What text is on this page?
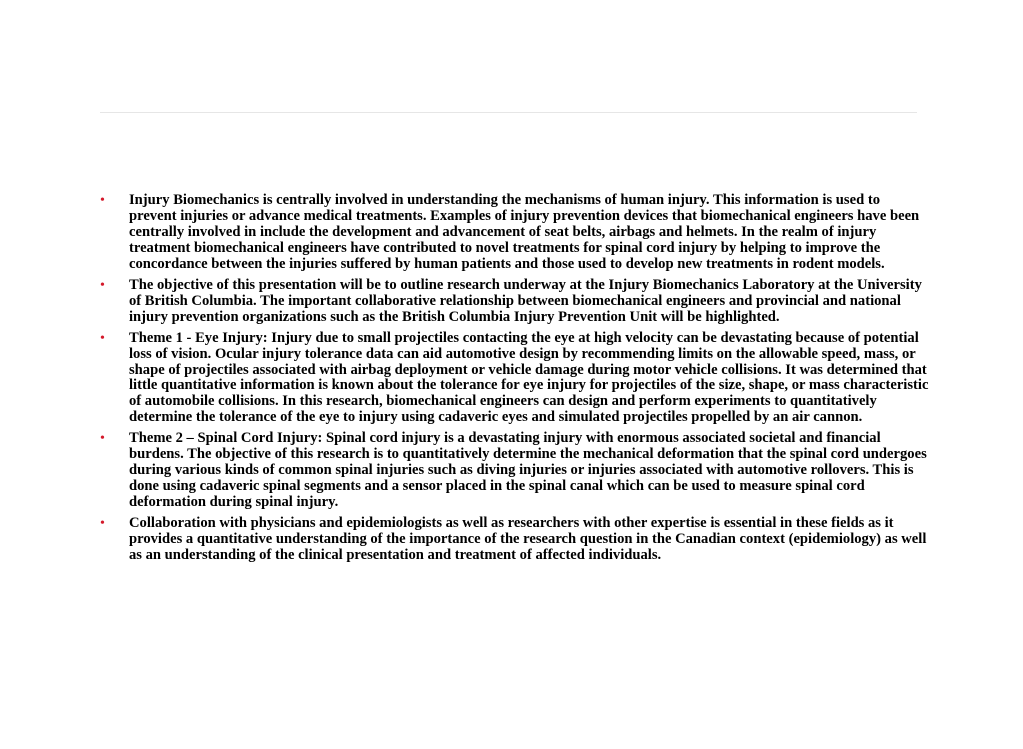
•	Injury Biomechanics is centrally involved in understanding the mechanisms of human injury. This information is used to prevent injuries or advance medical treatments. Examples of injury prevention devices that biomechanical engineers have been centrally involved in include the development and advancement of seat belts, airbags and helmets. In the realm of injury treatment biomechanical engineers have contributed to novel treatments for spinal cord injury by helping to improve the concordance between the injuries suffered by human patients and those used to develop new treatments in rodent models.
•	The objective of this presentation will be to outline research underway at the Injury Biomechanics Laboratory at the University of British Columbia. The important collaborative relationship between biomechanical engineers and provincial and national injury prevention organizations such as the British Columbia Injury Prevention Unit will be highlighted.
•	Theme 1 - Eye Injury: Injury due to small projectiles contacting the eye at high velocity can be devastating because of potential loss of vision. Ocular injury tolerance data can aid automotive design by recommending limits on the allowable speed, mass, or shape of projectiles associated with airbag deployment or vehicle damage during motor vehicle collisions. It was determined that little quantitative information is known about the tolerance for eye injury for projectiles of the size, shape, or mass characteristic of automobile collisions. In this research, biomechanical engineers can design and perform experiments to quantitatively determine the tolerance of the eye to injury using cadaveric eyes and simulated projectiles propelled by an air cannon.
•	Theme 2 – Spinal Cord Injury: Spinal cord injury is a devastating injury with enormous associated societal and financial burdens. The objective of this research is to quantitatively determine the mechanical deformation that the spinal cord undergoes during various kinds of common spinal injuries such as diving injuries or injuries associated with automotive rollovers. This is done using cadaveric spinal segments and a sensor placed in the spinal canal which can be used to measure spinal cord deformation during spinal injury.
•	Collaboration with physicians and epidemiologists as well as researchers with other expertise is essential in these fields as it provides a quantitative understanding of the importance of the research question in the Canadian context (epidemiology) as well as an understanding of the clinical presentation and treatment of affected individuals.
